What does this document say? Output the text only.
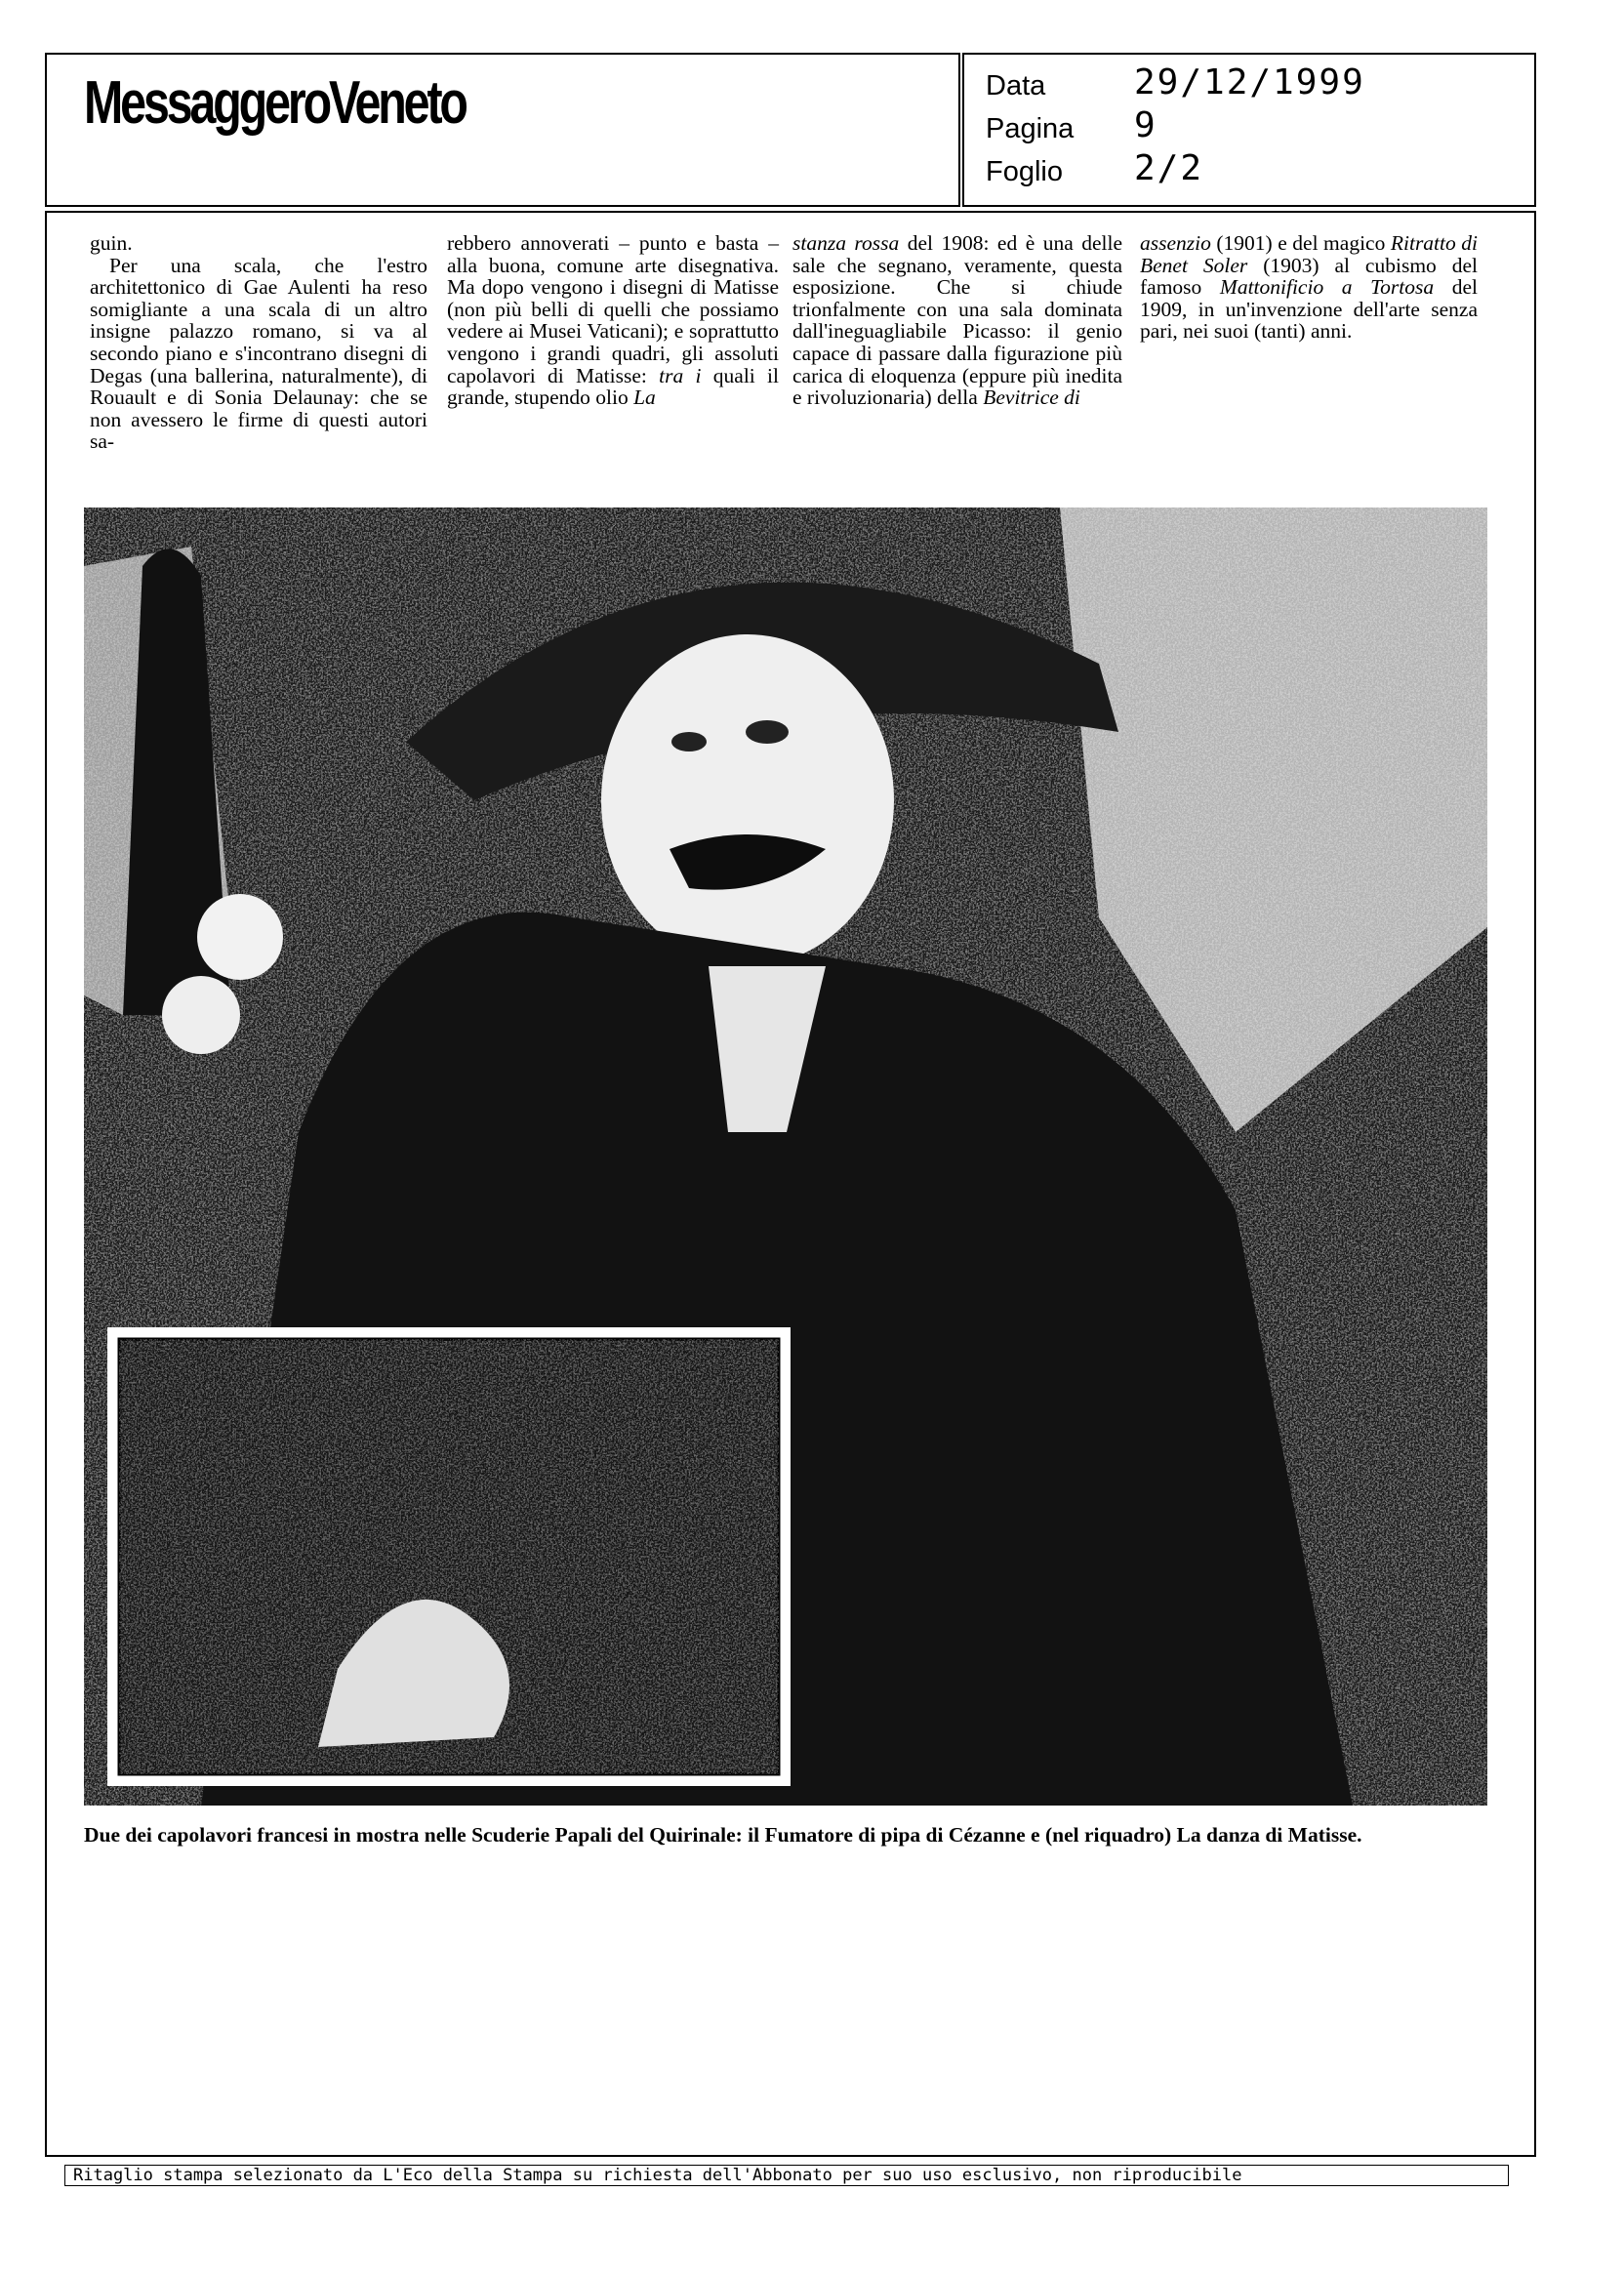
MessaggeroVeneto	Data	29/12/1999
Pagina 9
Foglio 2/2

guin.

Per una scala, che l'estro architettonico di Gae Aulenti ha reso somigliante a una scala di un altro insigne palazzo romano, si va al secondo piano e s'incontrano disegni di Degas (una ballerina, naturalmente), di Rouault e di Sonia Delaunay: che se non avessero le firme di questi autori sa-

rebbero annoverati – punto e basta – alla buona, comune arte disegnativa. Ma dopo vengono i disegni di Matisse (non più belli di quelli che possiamo vedere ai Musei Vaticani); e soprattutto vengono i grandi quadri, gli assoluti capolavori di Matisse: tra i quali il grande, stupendo olio La

stanza rossa del 1908: ed è una delle sale che segnano, veramente, questa esposizione. Che si chiude trionfalmente con una sala dominata dall'ineguagliabile Picasso: il genio capace di passare dalla figurazione più carica di eloquenza (eppure più inedita e rivoluzionaria) della Bevitrice di

assenzio (1901) e del magico Ritratto di Benet Soler (1903) al cubismo del famoso Mattonificio a Tortosa del 1909, in un'invenzione dell'arte senza pari, nei suoi (tanti) anni.

Due dei capolavori francesi in mostra nelle Scuderie Papali del Quirinale: il Fumatore di pipa di Cézanne e (nel riquadro) La danza di Matisse.
Ritaglio stampa selezionato da L'Eco della Stampa su richiesta dell'Abbonato per suo uso esclusivo, non riproducibile
